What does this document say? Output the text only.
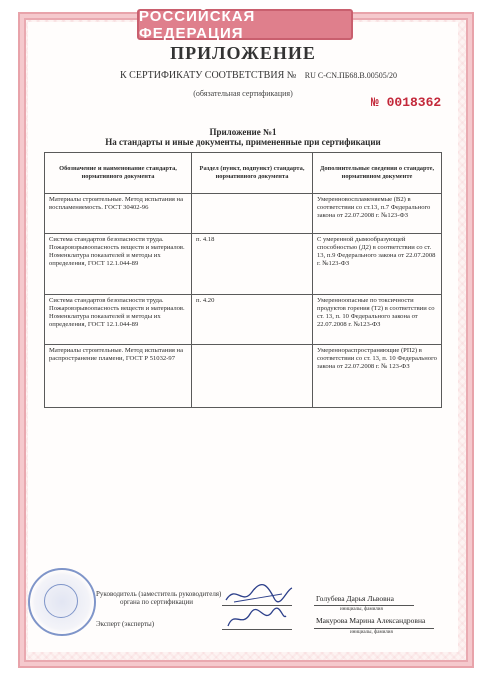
РОССИЙСКАЯ ФЕДЕРАЦИЯ
ПРИЛОЖЕНИЕ
К СЕРТИФИКАТУ СООТВЕТСТВИЯ № RU C-CN.ПБ68.В.00505/20
(обязательная сертификация)
№ 0018362
Приложение №1
На стандарты и иные документы, примененные при сертификации
Обозначение и наименование стандарта, нормативного документа	Раздел (пункт, подпункт) стандарта, нормативного документа	Дополнительные сведения о стандарте, нормативном документе
Материалы строительные. Метод испытания на воспламеняемость. ГОСТ 30402-96		Умеренновоспламеняемые (В2) в соответствии со ст.13, п.7 Федерального закона от 22.07.2008 г. №123-ФЗ
Система стандартов безопасности труда. Пожаровзрывоопасность веществ и материалов. Номенклатура показателей и методы их определения, ГОСТ 12.1.044-89	п. 4.18	С умеренной дымообразующей способностью (Д2) в соответствии со ст. 13, п.9 Федерального закона от 22.07.2008 г. №123-ФЗ
Система стандартов безопасности труда. Пожаровзрывоопасность веществ и материалов. Номенклатура показателей и методы их определения, ГОСТ 12.1.044-89	п. 4.20	Умеренноопасные по токсичности продуктов горения (Т2) в соответствии со ст. 13, п. 10 Федерального закона от 22.07.2008 г. №123-ФЗ
Материалы строительные. Метод испытания на распространение пламени, ГОСТ Р 51032-97		Умереннораспространяющие (РП2) в соответствии со ст. 13, п. 10 Федерального закона от 22.07.2008 г. № 123-ФЗ
Руководитель (заместитель руководителя)
органа по сертификации	Голубева Дарья Львовна
инициалы, фамилия
Эксперт (эксперты)	Макурова Марина Александровна
инициалы, фамилия
